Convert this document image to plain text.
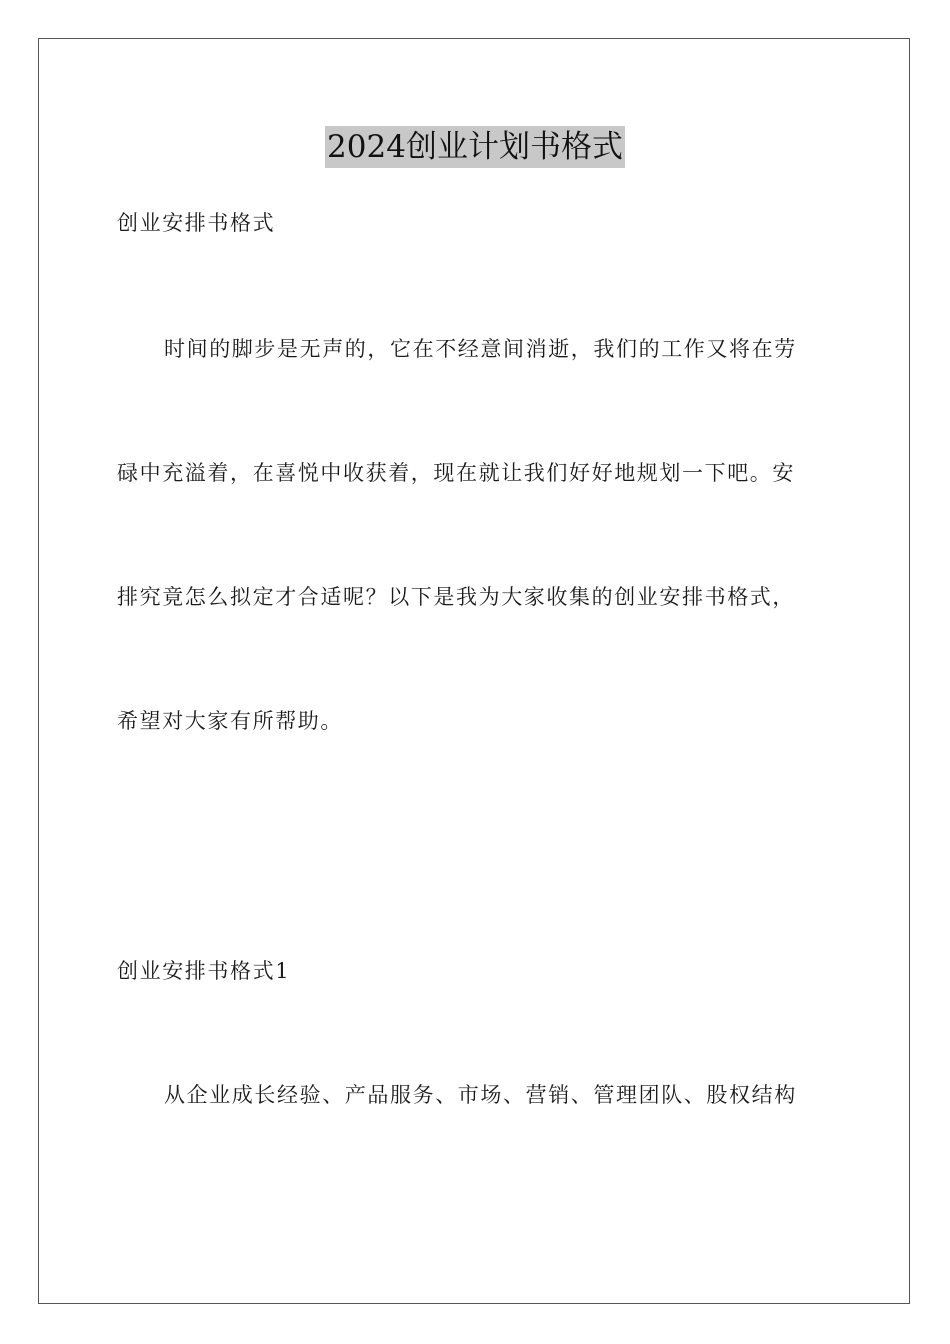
2024创业计划书格式
创业安排书格式
时间的脚步是无声的，它在不经意间消逝，我们的工作又将在劳
碌中充溢着，在喜悦中收获着，现在就让我们好好地规划一下吧。安
排究竟怎么拟定才合适呢？以下是我为大家收集的创业安排书格式，
希望对大家有所帮助。
创业安排书格式1
从企业成长经验、产品服务、市场、营销、管理团队、股权结构
